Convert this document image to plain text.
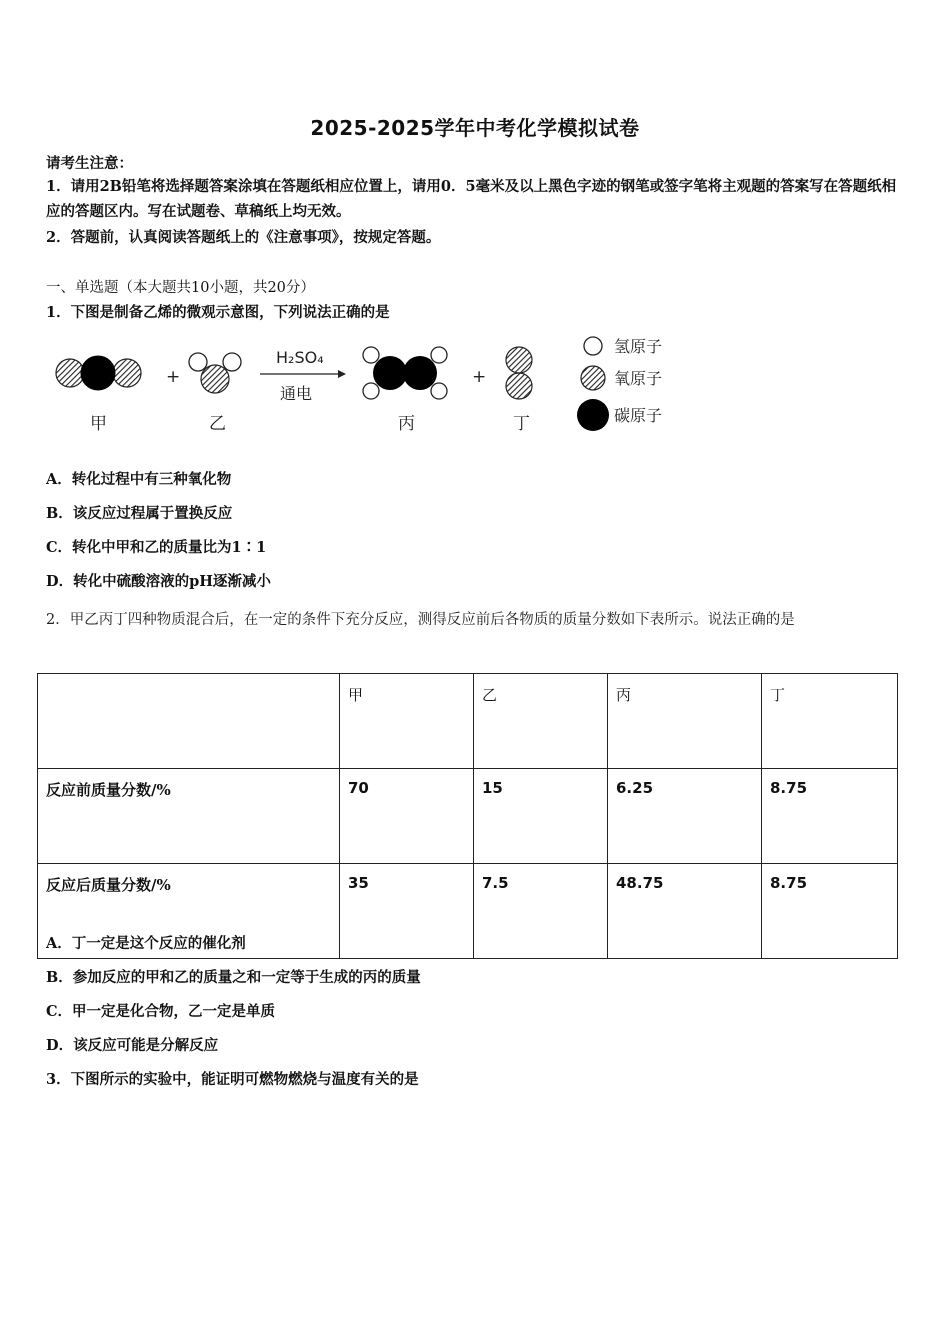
2025-2025学年中考化学模拟试卷
请考生注意：
1．请用2B铅笔将选择题答案涂填在答题纸相应位置上，请用0．5毫米及以上黑色字迹的钢笔或签字笔将主观题的答案写在答题纸相应的答题区内。写在试题卷、草稿纸上均无效。
2．答题前，认真阅读答题纸上的《注意事项》，按规定答题。
一、单选题（本大题共10小题，共20分）
1．下图是制备乙烯的微观示意图，下列说法正确的是
+
H₂SO₄
通电
+
甲	乙	丙	丁
氢原子
氧原子
碳原子
A．转化过程中有三种氧化物
B．该反应过程属于置换反应
C．转化中甲和乙的质量比为1∶1
D．转化中硫酸溶液的pH逐渐减小
2．甲乙丙丁四种物质混合后，在一定的条件下充分反应，测得反应前后各物质的质量分数如下表所示。说法正确的是
	甲	乙	丙	丁
反应前质量分数/%	70	15	6.25	8.75
反应后质量分数/%	35	7.5	48.75	8.75
A．丁一定是这个反应的催化剂
B．参加反应的甲和乙的质量之和一定等于生成的丙的质量
C．甲一定是化合物，乙一定是单质
D．该反应可能是分解反应
3．下图所示的实验中，能证明可燃物燃烧与温度有关的是
